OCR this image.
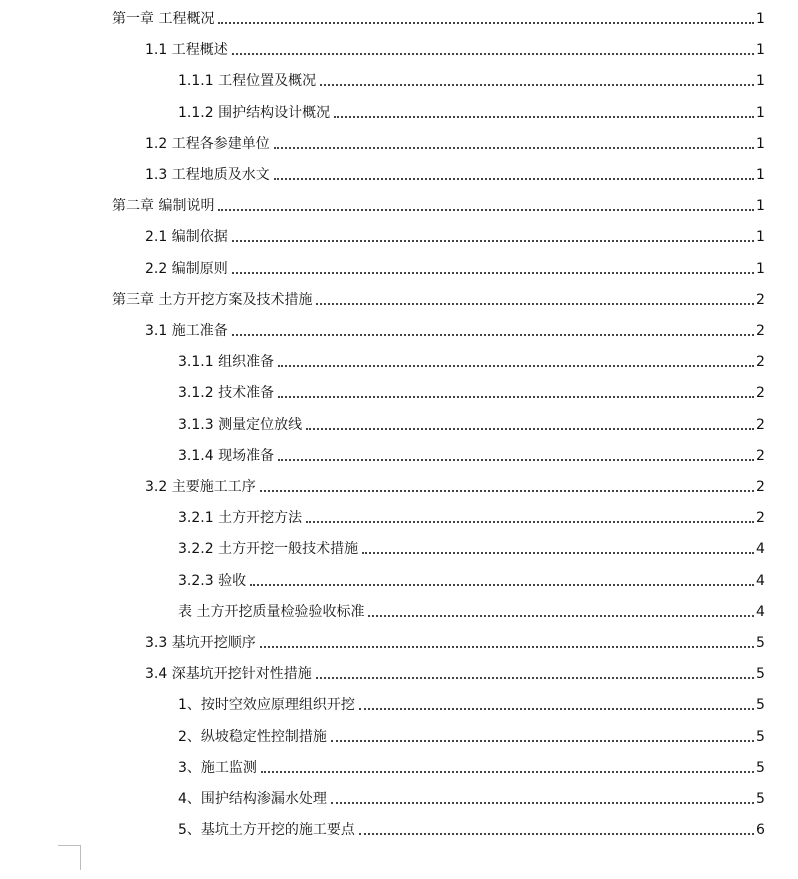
第一章 工程概况	1
1.1 工程概述	1
1.1.1 工程位置及概况	1
1.1.2 围护结构设计概况	1
1.2 工程各参建单位	1
1.3 工程地质及水文	1
第二章 编制说明	1
2.1 编制依据	1
2.2 编制原则	1
第三章 土方开挖方案及技术措施	2
3.1 施工准备	2
3.1.1 组织准备	2
3.1.2 技术准备	2
3.1.3 测量定位放线	2
3.1.4 现场准备	2
3.2 主要施工工序	2
3.2.1 土方开挖方法	2
3.2.2 土方开挖一般技术措施	4
3.2.3 验收	4
表 土方开挖质量检验验收标准	4
3.3 基坑开挖顺序	5
3.4 深基坑开挖针对性措施	5
1、按时空效应原理组织开挖	5
2、纵坡稳定性控制措施	5
3、施工监测	5
4、围护结构渗漏水处理	5
5、基坑土方开挖的施工要点	6
